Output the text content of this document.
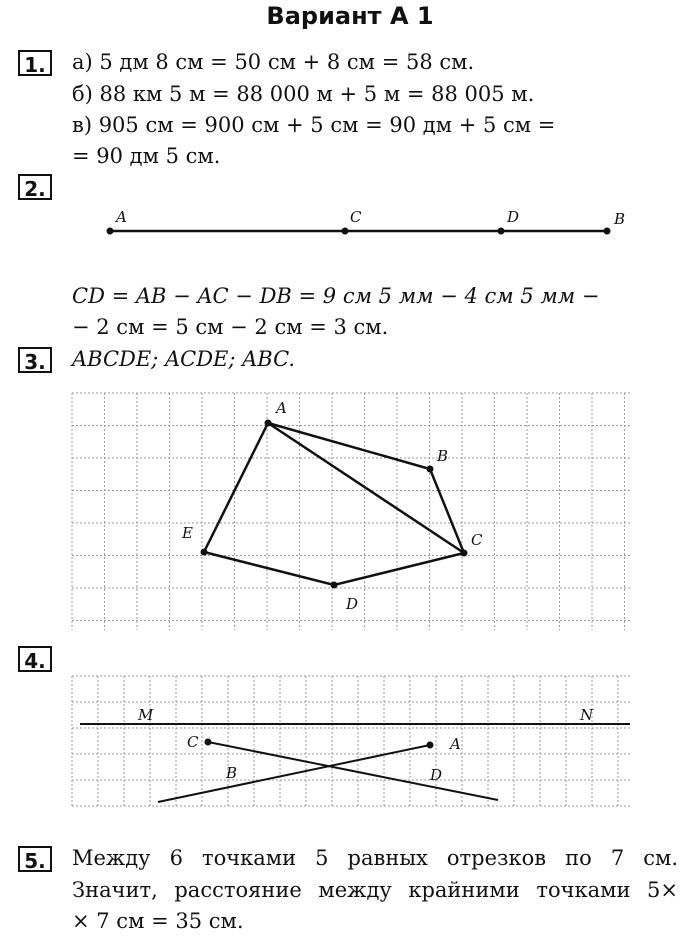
Вариант А 1
1. а) 5 дм 8 см = 50 см + 8 см = 58 см.
б) 88 км 5 м = 88 000 м + 5 м = 88 005 м.
в) 905 см = 900 см + 5 см = 90 дм + 5 см =
= 90 дм 5 см.
2.
A	C	D	B
A
B
C
D
E
M	N
C	A
B	D
CD = AB − AC − DB = 9 см 5 мм − 4 см 5 мм −
− 2 см = 5 см − 2 см = 3 см.
3. ABCDE; ACDE; ABC.
4.
5. Между 6 точками 5 равных отрезков по 7 см.
Значит, расстояние между крайними точками 5×
× 7 см = 35 см.
